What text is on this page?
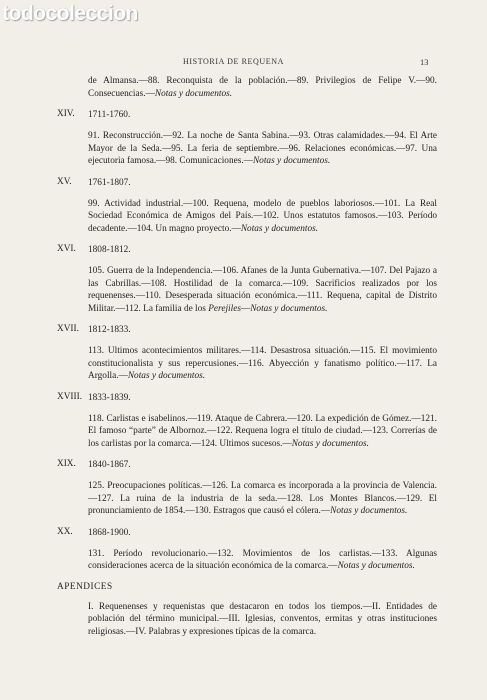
todocoleccion
HISTORIA DE REQUENA	13
de Almansa.—88. Reconquista de la población.—89. Privilegios de Felipe V.—90. Consecuencias.—Notas y documentos.
XIV.	1711-1760.
91. Reconstrucción.—92. La noche de Santa Sabina.—93. Otras calamidades.—94. El Arte Mayor de la Seda.—95. La feria de septiembre.—96. Relaciones económicas.—97. Una ejecutoria famosa.—98. Comunicaciones.—Notas y documentos.
XV.	1761-1807.
99. Actividad industrial.—100. Requena, modelo de pueblos laboriosos.—101. La Real Sociedad Económica de Amigos del País.—102. Unos estatutos famosos.—103. Período decadente.—104. Un magno proyecto.—Notas y documentos.
XVI.	1808-1812.
105. Guerra de la Independencia.—106. Afanes de la Junta Gubernativa.—107. Del Pajazo a las Cabrillas.—108. Hostilidad de la comarca.—109. Sacrificios realizados por los requenenses.—110. Desesperada situación económica.—111. Requena, capital de Distrito Militar.—112. La familia de los Perejiles—Notas y documentos.
XVII. 1812-1833.
113. Ultimos acontecimientos militares.—114. Desastrosa situación.—115. El movimiento constitucionalista y sus repercusiones.—116. Abyección y fanatismo político.—117. La Argolla.—Notas y documentos.
XVIII. 1833-1839.
118. Carlistas e isabelinos.—119. Ataque de Cabrera.—120. La expedición de Gómez.—121. El famoso “parte” de Albornoz.—122. Requena logra el título de ciudad.—123. Correrías de los carlistas por la comarca.—124. Ultimos sucesos.—Notas y documentos.
XIX.	1840-1867.
125. Preocupaciones políticas.—126. La comarca es incorporada a la provincia de Valencia.—127. La ruina de la industria de la seda.—128. Los Montes Blancos.—129. El pronunciamiento de 1854.—130. Estragos que causó el cólera.—Notas y documentos.
XX.	1868-1900.
131. Período revolucionario.—132. Movimientos de los carlistas.—133. Algunas consideraciones acerca de la situación económica de la comarca.—Notas y documentos.
APENDICES
I. Requenenses y requenistas que destacaron en todos los tiempos.—II. Entidades de población del término municipal.—III. Iglesias, conventos, ermitas y otras instituciones religiosas.—IV. Palabras y expresiones típicas de la comarca.
